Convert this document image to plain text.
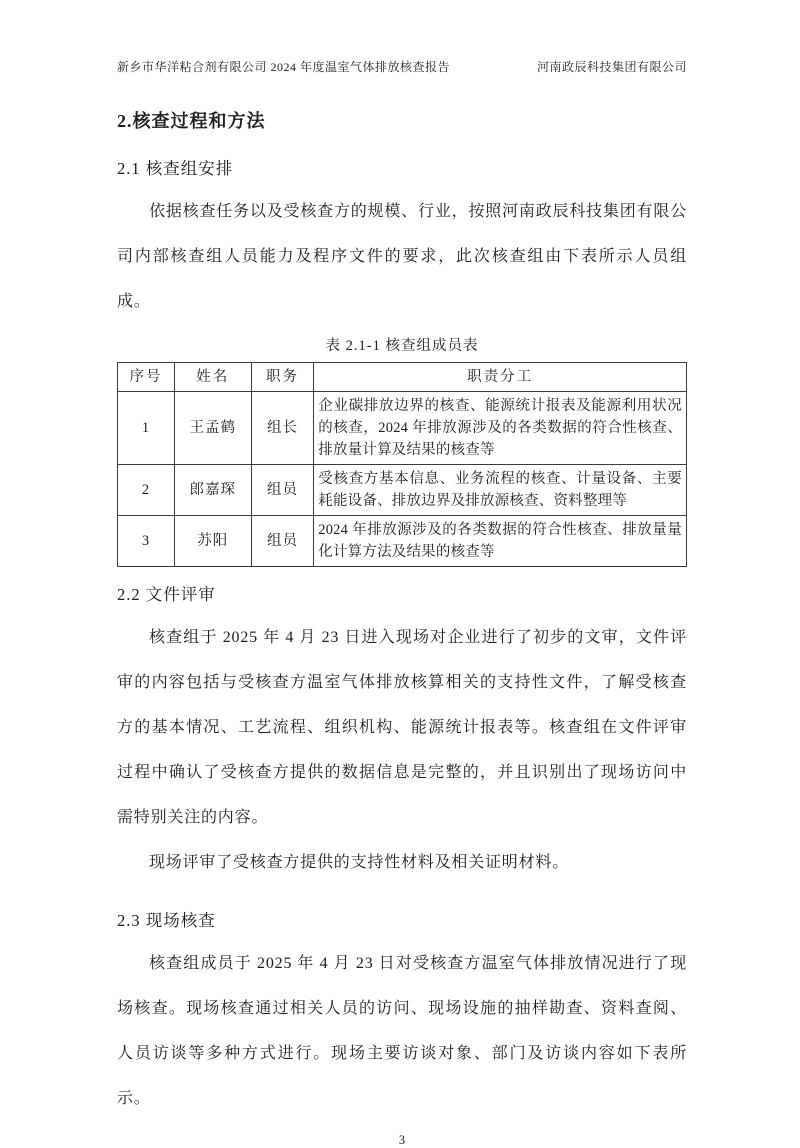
新乡市华洋粘合剂有限公司 2024 年度温室气体排放核查报告	河南政辰科技集团有限公司
2.核查过程和方法
2.1 核查组安排

依据核查任务以及受核查方的规模、行业，按照河南政辰科技集团有限公司内部核查组人员能力及程序文件的要求，此次核查组由下表所示人员组成。

表 2.1-1 核查组成员表
序号	姓名	职务	职责分工
1	王孟鹤	组长	企业碳排放边界的核查、能源统计报表及能源利用状况的核查，2024 年排放源涉及的各类数据的符合性核查、排放量计算及结果的核查等
2	郎嘉琛	组员	受核查方基本信息、业务流程的核查、计量设备、主要耗能设备、排放边界及排放源核查、资料整理等
3	苏阳	组员	2024 年排放源涉及的各类数据的符合性核查、排放量量化计算方法及结果的核查等
2.2 文件评审

核查组于 2025 年 4 月 23 日进入现场对企业进行了初步的文审，文件评审的内容包括与受核查方温室气体排放核算相关的支持性文件，了解受核查方的基本情况、工艺流程、组织机构、能源统计报表等。核查组在文件评审过程中确认了受核查方提供的数据信息是完整的，并且识别出了现场访问中需特别关注的内容。

现场评审了受核查方提供的支持性材料及相关证明材料。

2.3 现场核查

核查组成员于 2025 年 4 月 23 日对受核查方温室气体排放情况进行了现场核查。现场核查通过相关人员的访问、现场设施的抽样勘查、资料查阅、人员访谈等多种方式进行。现场主要访谈对象、部门及访谈内容如下表所示。

3
